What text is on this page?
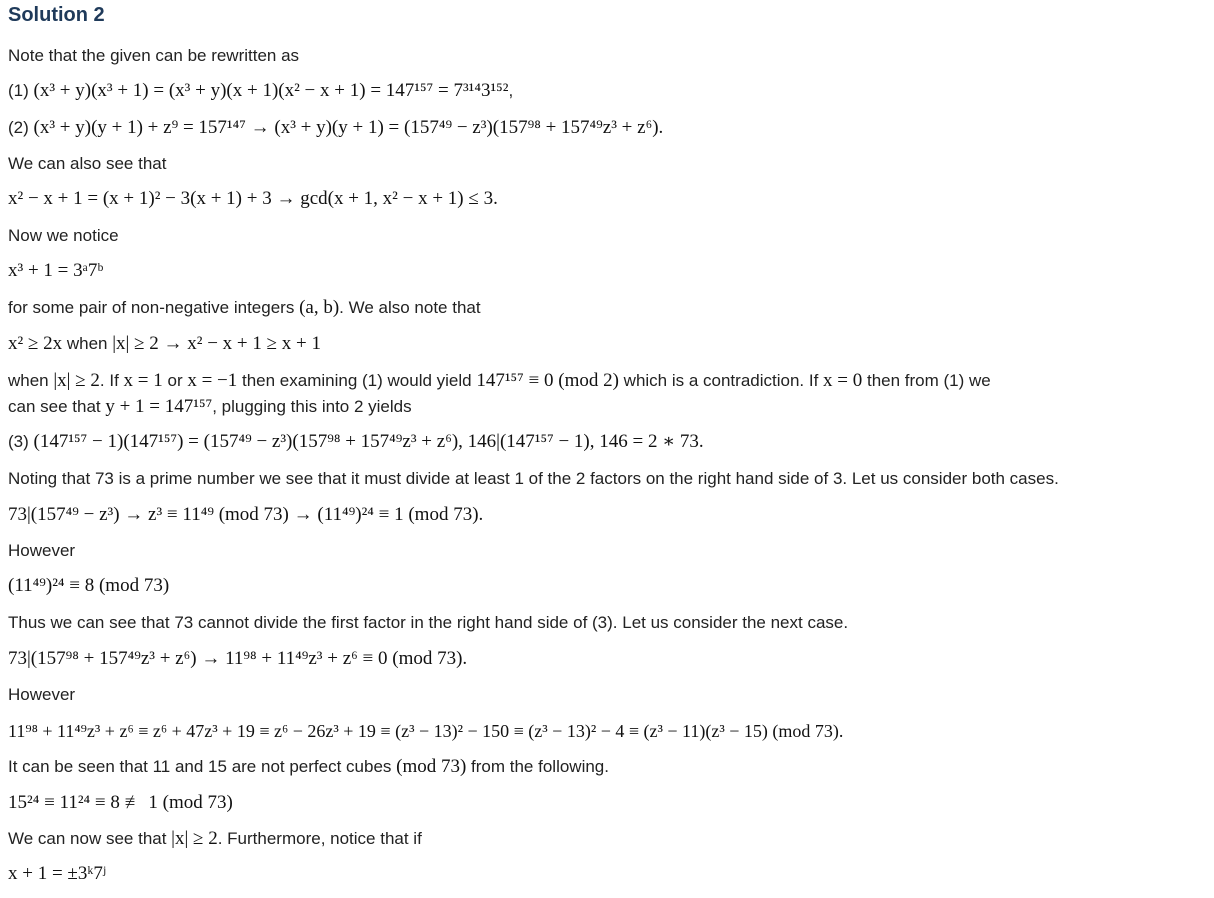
Solution 2
Note that the given can be rewritten as
(1) (x³ + y)(x³ + 1) = (x³ + y)(x + 1)(x² − x + 1) = 147¹⁵⁷ = 7³¹⁴3¹⁵²,
(2) (x³ + y)(y + 1) + z⁹ = 157¹⁴⁷ → (x³ + y)(y + 1) = (157⁴⁹ − z³)(157⁹⁸ + 157⁴⁹z³ + z⁶).
We can also see that
x² − x + 1 = (x + 1)² − 3(x + 1) + 3 → gcd(x + 1, x² − x + 1) ≤ 3.
Now we notice
x³ + 1 = 3ᵃ7ᵇ
for some pair of non-negative integers (a, b). We also note that
x² ≥ 2x when |x| ≥ 2 → x² − x + 1 ≥ x + 1
when |x| ≥ 2. If x = 1 or x = −1 then examining (1) would yield 147¹⁵⁷ ≡ 0 (mod 2) which is a contradiction. If x = 0 then from (1) we
can see that y + 1 = 147¹⁵⁷, plugging this into 2 yields
(3) (147¹⁵⁷ − 1)(147¹⁵⁷) = (157⁴⁹ − z³)(157⁹⁸ + 157⁴⁹z³ + z⁶), 146|(147¹⁵⁷ − 1), 146 = 2 ∗ 73.
Noting that 73 is a prime number we see that it must divide at least 1 of the 2 factors on the right hand side of 3. Let us consider both cases.
73|(157⁴⁹ − z³) → z³ ≡ 11⁴⁹ (mod 73) → (11⁴⁹)²⁴ ≡ 1 (mod 73).
However
(11⁴⁹)²⁴ ≡ 8 (mod 73)
Thus we can see that 73 cannot divide the first factor in the right hand side of (3). Let us consider the next case.
73|(157⁹⁸ + 157⁴⁹z³ + z⁶) → 11⁹⁸ + 11⁴⁹z³ + z⁶ ≡ 0 (mod 73).
However
11⁹⁸ + 11⁴⁹z³ + z⁶ ≡ z⁶ + 47z³ + 19 ≡ z⁶ − 26z³ + 19 ≡ (z³ − 13)² − 150 ≡ (z³ − 13)² − 4 ≡ (z³ − 11)(z³ − 15) (mod 73).
It can be seen that 11 and 15 are not perfect cubes (mod 73) from the following.
15²⁴ ≡ 11²⁴ ≡ 8 ≢ 1 (mod 73)
We can now see that |x| ≥ 2. Furthermore, notice that if
x + 1 = ±3ᵏ7ʲ
